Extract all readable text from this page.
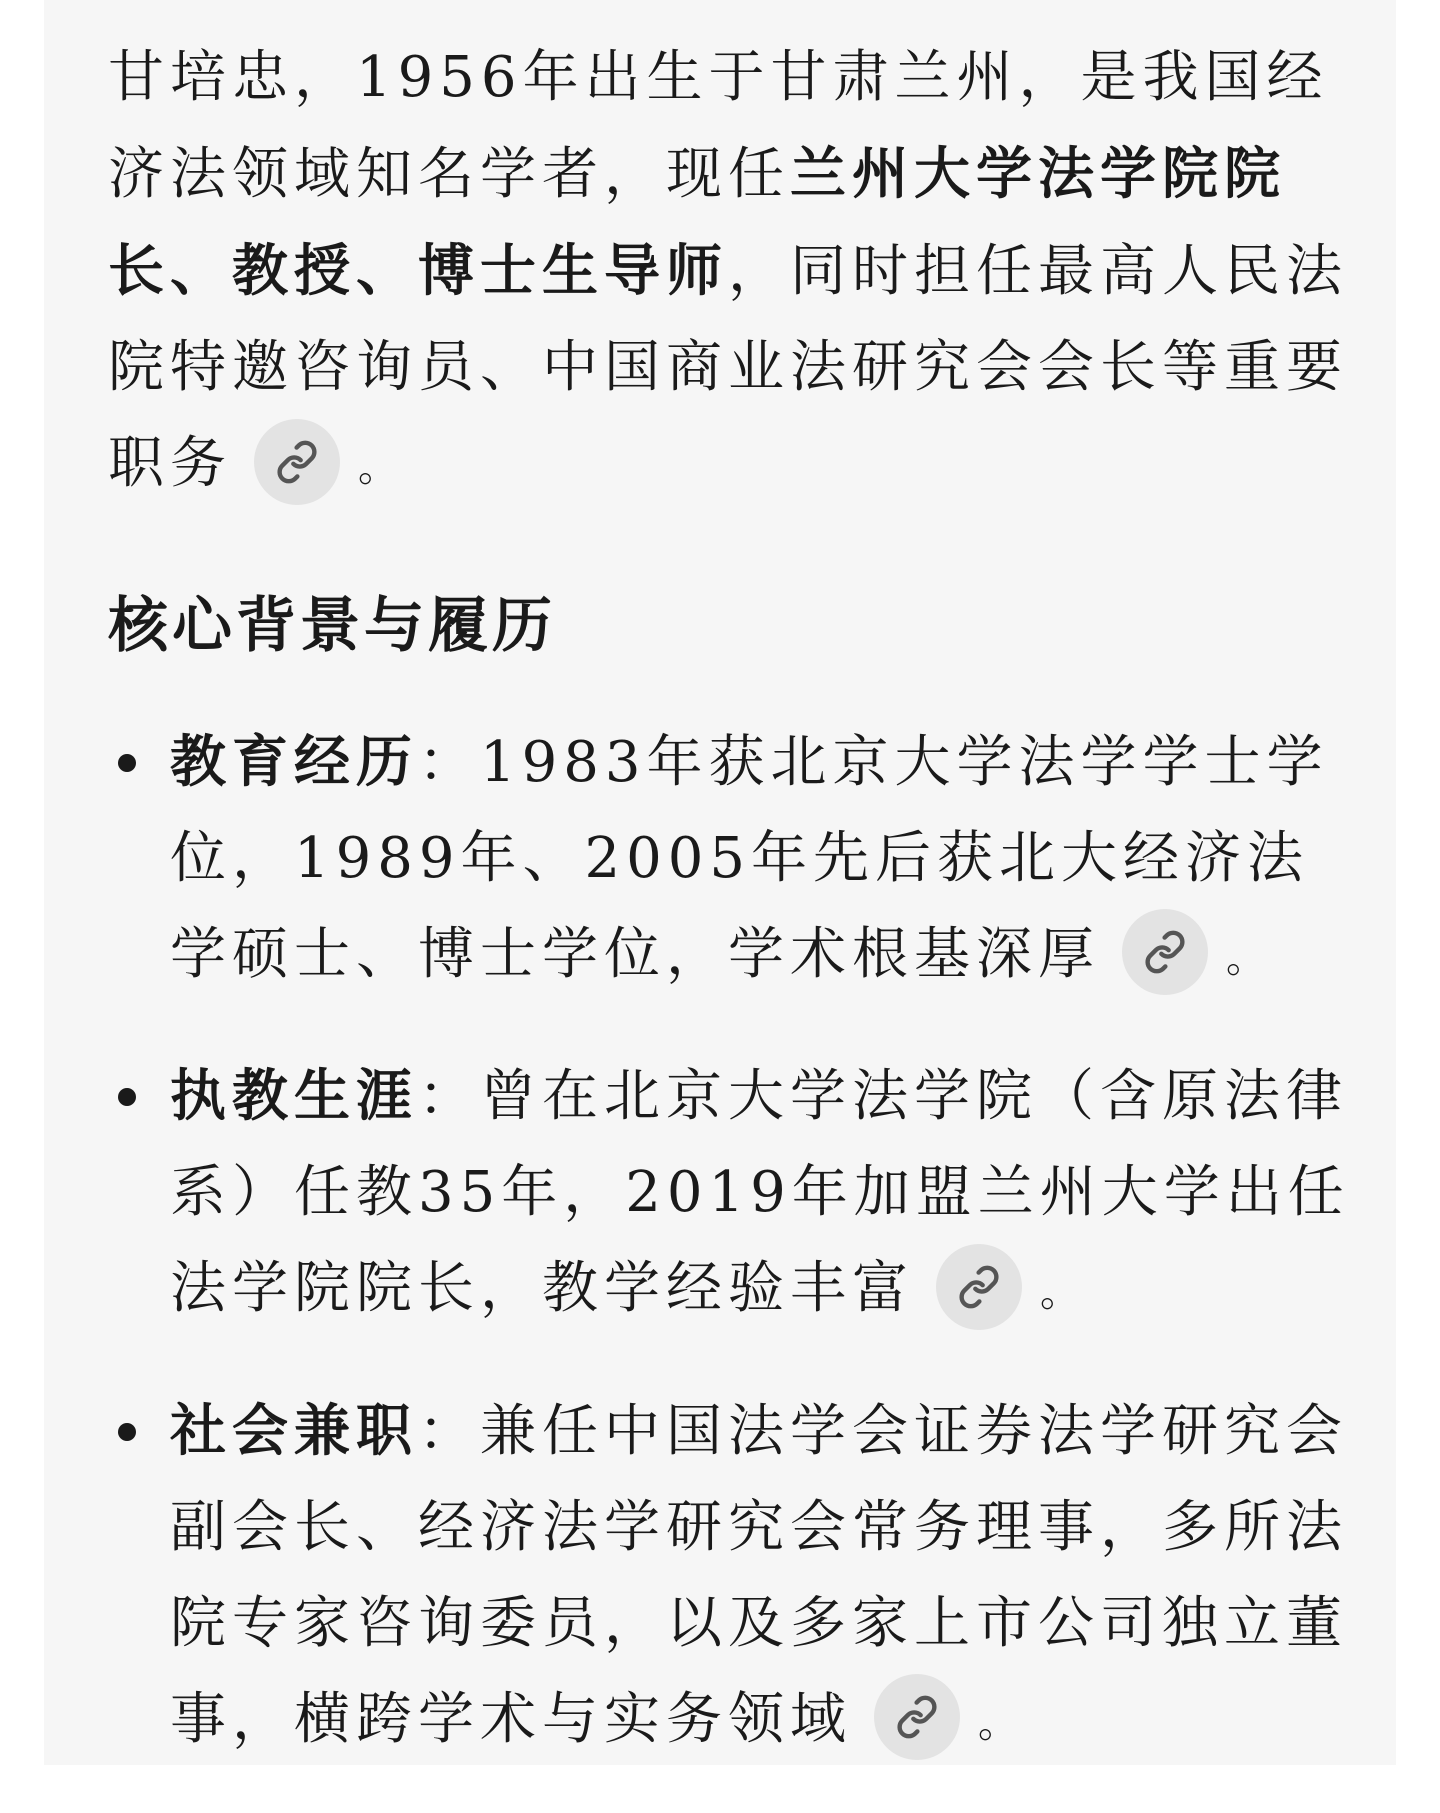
甘培忠，1956年出生于甘肃兰州，是我国经济法领域知名学者，现任兰州大学法学院院长、教授、博士生导师，同时担任最高人民法院特邀咨询员、中国商业法研究会会长等重要职务	。

核心背景与履历
教育经历：1983年获北京大学法学学士学位，1989年、2005年先后获北大经济法学硕士、博士学位，学术根基深厚	。
执教生涯：曾在北京大学法学院（含原法律系）任教35年，2019年加盟兰州大学出任法学院院长，教学经验丰富	。
社会兼职：兼任中国法学会证券法学研究会副会长、经济法学研究会常务理事，多所法院专家咨询委员，以及多家上市公司独立董事，横跨学术与实务领域	。
